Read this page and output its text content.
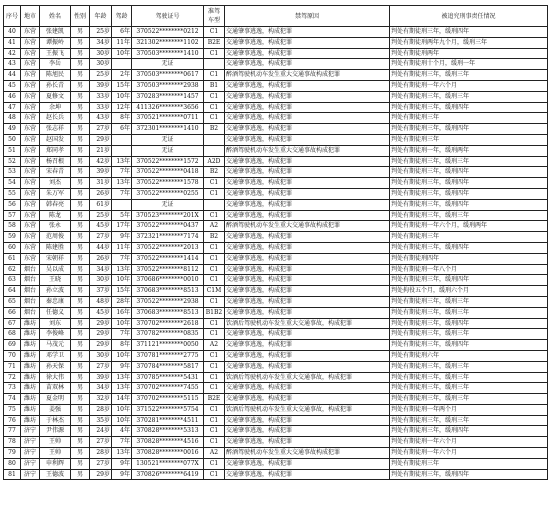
序号	地市	姓名	性别	年龄	驾龄	驾驶证号	准驾
车型	禁驾原因	被追究刑事责任情况
40	东营	张建凯	男	25岁	6年	370522********0212	C1	交通肇事逃逸，构成犯罪	判处有期徒刑三年，缓刑四年
41	东营	谭振岭	男	34岁	11年	321302********1102	B2E	交通肇事逃逸，构成犯罪	判处有期徒刑两年九个月，缓刑三年
42	东营	王振飞	男	30岁	10年	370503********1410	C1	交通肇事逃逸，构成犯罪	判处有期徒刑两年
43	东营	李岳	男	30岁		无证		交通肇事逃逸，构成犯罪	判处有期徒刑十个月，缓刑一年
44	东营	陈旭民	男	25岁	2年	370503********0617	C1	醉酒驾驶机动车发生重大交通事故构成犯罪	判处有期徒刑三年，缓刑三年
45	东营	孙长青	男	39岁	15年	370503********2938	B1	交通肇事逃逸，构成犯罪	判处有期徒刑一年六个月
46	东营	夏修文	男	33岁	10年	370283********1457	C1	交通肇事逃逸，构成犯罪	判处有期徒刑三年，缓刑三年
47	东营	余坤	男	33岁	12年	411326********3656	C1	交通肇事逃逸，构成犯罪	判处有期徒刑三年，缓刑四年
48	东营	赵长兵	男	43岁	8年	370521********0711	C1	交通肇事逃逸，构成犯罪	判处有期徒刑三年
49	东营	张志祥	男	27岁	6年	372301********1410	B2	交通肇事逃逸，构成犯罪	判处有期徒刑三年，缓刑四年
50	东营	赵国发	男	29岁		无证		交通肇事逃逸，构成犯罪	判处有期徒刑三年
51	东营	郑同孝	男	21岁		无证		醉酒驾驶机动车发生重大交通事故构成犯罪	判处有期徒刑一年，缓刑两年
52	东营	杨召根	男	42岁	13年	370522********1572	A2D	交通肇事逃逸，构成犯罪	判处有期徒刑三年，缓刑三年
53	东营	宋春青	男	39岁	7年	370522********0418	B2	交通肇事逃逸，构成犯罪	判处有期徒刑三年，缓刑四年
54	东营	刘杰	男	31岁	13年	370522********1578	C1	交通肇事逃逸，构成犯罪	判处有期徒刑三年，缓刑四年
55	东营	朱万军	男	26岁	7年	370522********0255	C1	交通肇事逃逸，构成犯罪	判处有期徒刑三年，缓刑四年
56	东营	韩春亮	男	61岁		无证		交通肇事逃逸，构成犯罪	判处有期徒刑三年，缓刑四年
57	东营	陈龙	男	25岁	5年	370523********201X	C1	交通肇事逃逸，构成犯罪	判处有期徒刑三年，缓刑三年
58	东营	张永	男	45岁	17年	370522********0437	A2	醉酒驾驶机动车发生重大交通事故构成犯罪	判处有期徒刑一年六个月，缓刑两年
59	东营	范周俊	男	27岁	9年	372321********7174	B2	交通肇事逃逸，构成犯罪	判处有期徒刑三年
60	东营	陈建胜	男	44岁	11年	370522********2013	C1	交通肇事逃逸，构成犯罪	判处有期徒刑三年，缓刑四年
61	东营	宋朝祥	男	26岁	7年	370522********1414	C1	交通肇事逃逸，构成犯罪	判处有期徒刑四年
62	烟台	吴以成	男	34岁	13年	370522********8112	C1	交通肇事逃逸，构成犯罪	判处有期徒刑一年八个月
63	烟台	王晓	男	30岁	10年	370686********0010	C1	交通肇事逃逸，构成犯罪	判处有期徒刑三年，缓刑四年
64	烟台	孙立波	男	37岁	15年	370683********8513	C1M	交通肇事逃逸，构成犯罪	判处拘役五个月，缓刑六个月
65	烟台	秦忠康	男	48岁	28年	370522********2938	C1	交通肇事逃逸，构成犯罪	判处有期徒刑三年，缓刑三年
66	烟台	任德义	男	45岁	16年	370683********8513	B1B2	交通肇事逃逸，构成犯罪	判处有期徒刑三年，缓刑三年
67	潍坊	刘东	男	29岁	10年	370702********2618	C1	饮酒后驾驶机动车发生重大交通事故，构成犯罪	判处有期徒刑三年，缓刑四年
68	潍坊	李俊峰	男	29岁	7年	370782********0835	C1	交通肇事逃逸，构成犯罪	判处有期徒刑三年，缓刑三年
69	潍坊	马茂元	男	29岁	8年	371121********0050	A2	交通肇事逃逸，构成犯罪	判处有期徒刑三年，缓刑四年
70	潍坊	邓学卫	男	30岁	10年	370781********2775	C1	交通肇事逃逸，构成犯罪	判处有期徒刑六年
71	潍坊	孙天保	男	27岁	9年	370784********5817	C1	交通肇事逃逸，构成犯罪	判处有期徒刑三年，缓刑三年
72	潍坊	徐大伟	男	39岁	13年	370785********5431	C1	饮酒后驾驶机动车发生重大交通事故，构成犯罪	判处有期徒刑三年，缓刑三年
73	潍坊	苗双林	男	34岁	13年	370702********7455	C1	交通肇事逃逸，构成犯罪	判处有期徒刑三年，缓刑三年
74	潍坊	夏金明	男	32岁	14年	370702********5115	B2E	交通肇事逃逸，构成犯罪	判处有期徒刑三年，缓刑三年
75	潍坊	姜强	男	28岁	10年	371522********5754	C1	饮酒后驾驶机动车发生重大交通事故，构成犯罪	判处有期徒刑一年两个月
76	潍坊	于林杰	男	35岁	10年	370281********4511	C1	交通肇事逃逸，构成犯罪	判处有期徒刑三年，缓刑三年
77	济宁	尹伟源	男	24岁	4年	370828********5313	C1	交通肇事逃逸，构成犯罪	判处有期徒刑三年，缓刑四年
78	济宁	王帅	男	27岁	7年	370828********4516	C1	交通肇事逃逸，构成犯罪	判处有期徒刑一年六个月
79	济宁	王帅	男	28岁	13年	370828********0016	A2	醉酒驾驶机动车发生重大交通事故构成犯罪	判处有期徒刑一年六个月
80	济宁	申利辉	男	27岁	9年	130521********077X	C1	交通肇事逃逸，构成犯罪	判处有期徒刑三年
81	济宁	王德波	男	29岁	9年	370826********6419	C1	交通肇事逃逸，构成犯罪	判处有期徒刑三年，缓刑四年
